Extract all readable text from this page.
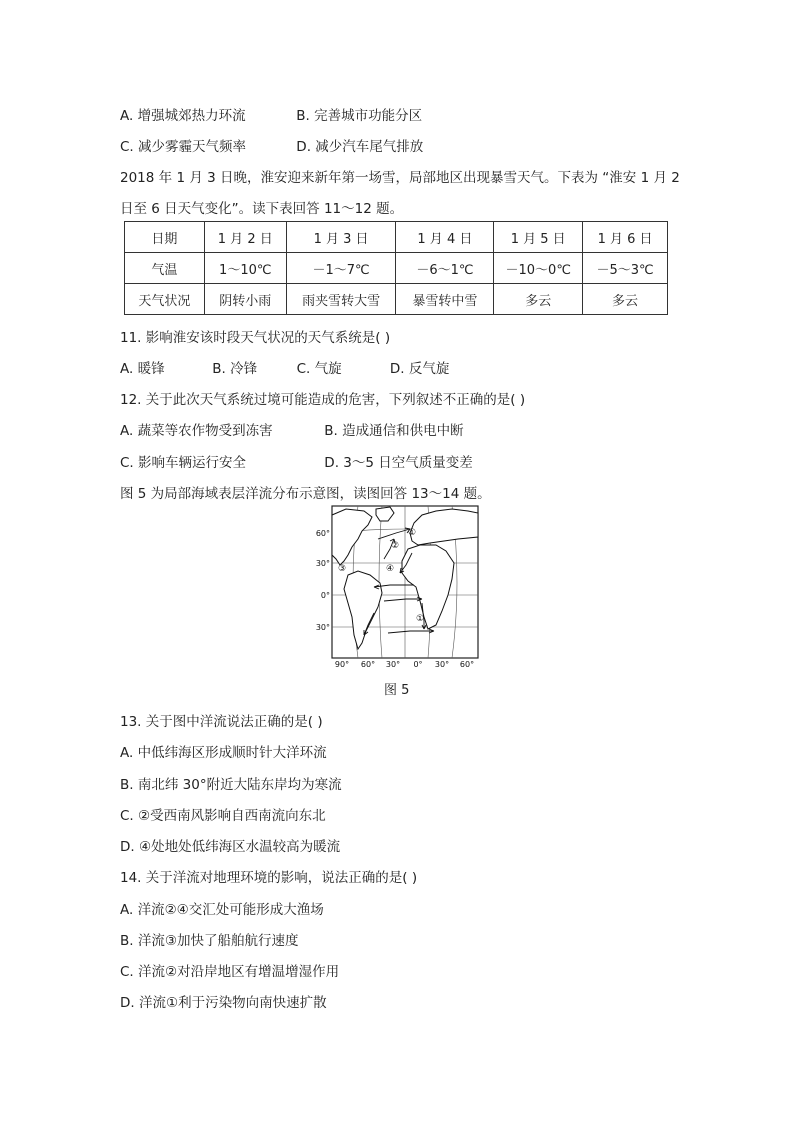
A. 增强城郊热力环流	B. 完善城市功能分区
C. 减少雾霾天气频率	D. 减少汽车尾气排放
2018 年 1 月 3 日晚，淮安迎来新年第一场雪，局部地区出现暴雪天气。下表为 “淮安 1 月 2
日至 6 日天气变化”。读下表回答 11～12 题。
日期	1 月 2 日	1 月 3 日	1 月 4 日	1 月 5 日	1 月 6 日
气温	1～10℃	－1～7℃	－6～1℃	－10～0℃	－5～3℃
天气状况	阴转小雨	雨夹雪转大雪	暴雪转中雪	多云	多云
11. 影响淮安该时段天气状况的天气系统是( )
A. 暖锋	B. 冷锋	C. 气旋	D. 反气旋
12. 关于此次天气系统过境可能造成的危害，下列叙述不正确的是( )
A. 蔬菜等农作物受到冻害	B. 造成通信和供电中断
C. 影响车辆运行安全	D. 3～5 日空气质量变差
图 5 为局部海域表层洋流分布示意图，读图回答 13～14 题。
①
②
③	④
①
60°
30°
0°
30°
90° 60° 30° 0° 30° 60°
图 5
13. 关于图中洋流说法正确的是( )
A. 中低纬海区形成顺时针大洋环流
B. 南北纬 30°附近大陆东岸均为寒流
C. ②受西南风影响自西南流向东北
D. ④处地处低纬海区水温较高为暖流
14. 关于洋流对地理环境的影响，说法正确的是( )
A. 洋流②④交汇处可能形成大渔场
B. 洋流③加快了船舶航行速度
C. 洋流②对沿岸地区有增温增湿作用
D. 洋流①利于污染物向南快速扩散
